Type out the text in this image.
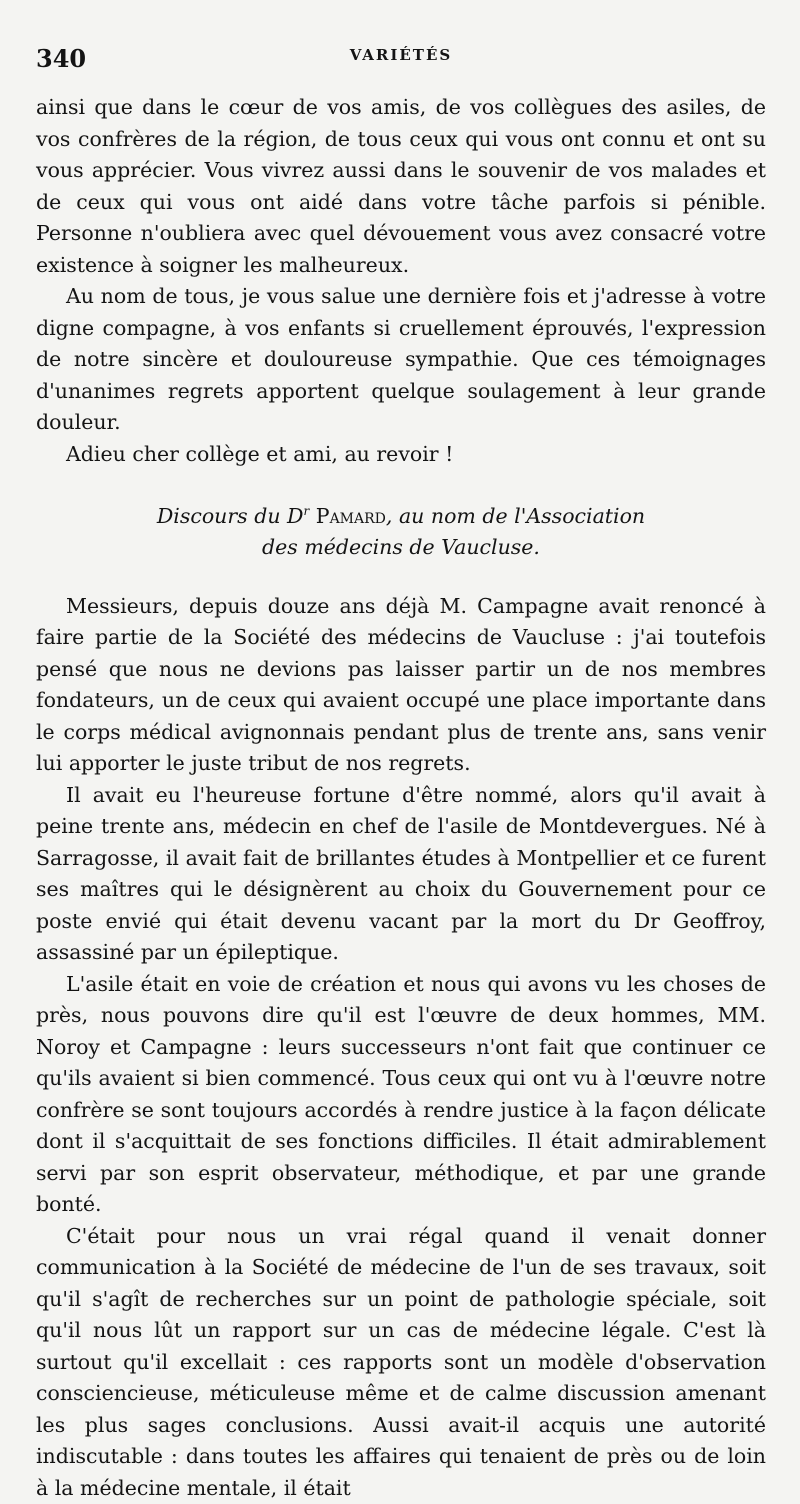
340	VARIÉTÉS

ainsi que dans le cœur de vos amis, de vos collègues des asiles, de vos confrères de la région, de tous ceux qui vous ont connu et ont su vous apprécier. Vous vivrez aussi dans le souvenir de vos malades et de ceux qui vous ont aidé dans votre tâche parfois si pénible. Personne n'oubliera avec quel dévouement vous avez consacré votre existence à soigner les malheureux.

Au nom de tous, je vous salue une dernière fois et j'adresse à votre digne compagne, à vos enfants si cruellement éprouvés, l'expression de notre sincère et douloureuse sympathie. Que ces témoignages d'unanimes regrets apportent quelque soulagement à leur grande douleur.

Adieu cher collège et ami, au revoir !

Discours du $D^r$ Pamard, au nom de l'Association
des médecins de Vaucluse.

Messieurs, depuis douze ans déjà M. Campagne avait renoncé à faire partie de la Société des médecins de Vaucluse : j'ai toutefois pensé que nous ne devions pas laisser partir un de nos membres fondateurs, un de ceux qui avaient occupé une place importante dans le corps médical avignonnais pendant plus de trente ans, sans venir lui apporter le juste tribut de nos regrets.

Il avait eu l'heureuse fortune d'être nommé, alors qu'il avait à peine trente ans, médecin en chef de l'asile de Montdevergues. Né à Sarragosse, il avait fait de brillantes études à Montpellier et ce furent ses maîtres qui le désignèrent au choix du Gouvernement pour ce poste envié qui était devenu vacant par la mort du Dr Geoffroy, assassiné par un épileptique.

L'asile était en voie de création et nous qui avons vu les choses de près, nous pouvons dire qu'il est l'œuvre de deux hommes, MM. Noroy et Campagne : leurs successeurs n'ont fait que continuer ce qu'ils avaient si bien commencé. Tous ceux qui ont vu à l'œuvre notre confrère se sont toujours accordés à rendre justice à la façon délicate dont il s'acquittait de ses fonctions difficiles. Il était admirablement servi par son esprit observateur, méthodique, et par une grande bonté.

C'était pour nous un vrai régal quand il venait donner communication à la Société de médecine de l'un de ses travaux, soit qu'il s'agît de recherches sur un point de pathologie spéciale, soit qu'il nous lût un rapport sur un cas de médecine légale. C'est là surtout qu'il excellait : ces rapports sont un modèle d'observation consciencieuse, méticuleuse même et de calme discussion amenant les plus sages conclusions. Aussi avait-il acquis une autorité indiscutable : dans toutes les affaires qui tenaient de près ou de loin à la médecine mentale, il était
